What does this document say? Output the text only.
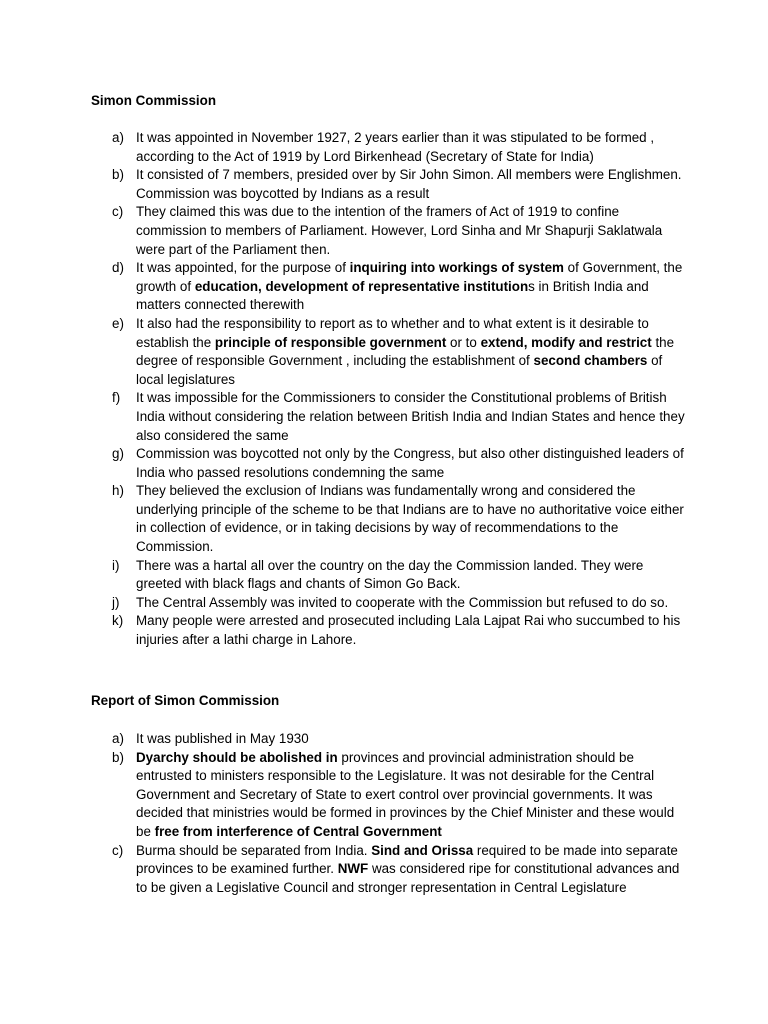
Simon Commission
a) It was appointed in November 1927, 2 years earlier than it was stipulated to be formed , according to the Act of 1919 by Lord Birkenhead (Secretary of State for India)
b) It consisted of 7 members, presided over by Sir John Simon. All members were Englishmen. Commission was boycotted by Indians as a result
c) They claimed this was due to the intention of the framers of Act of 1919 to confine commission to members of Parliament. However, Lord Sinha and Mr Shapurji Saklatwala were part of the Parliament then.
d) It was appointed, for the purpose of inquiring into workings of system of Government, the growth of education, development of representative institutions in British India and matters connected therewith
e) It also had the responsibility to report as to whether and to what extent is it desirable to establish the principle of responsible government or to extend, modify and restrict the degree of responsible Government , including the establishment of second chambers of local legislatures
f) It was impossible for the Commissioners to consider the Constitutional problems of British India without considering the relation between British India and Indian States and hence they also considered the same
g) Commission was boycotted not only by the Congress, but also other distinguished leaders of India who passed resolutions condemning the same
h) They believed the exclusion of Indians was fundamentally wrong and considered the underlying principle of the scheme to be that Indians are to have no authoritative voice either in collection of evidence, or in taking decisions by way of recommendations to the Commission.
i) There was a hartal all over the country on the day the Commission landed. They were greeted with black flags and chants of Simon Go Back.
j) The Central Assembly was invited to cooperate with the Commission but refused to do so.
k) Many people were arrested and prosecuted including Lala Lajpat Rai who succumbed to his injuries after a lathi charge in Lahore.
Report of Simon Commission
a) It was published in May 1930
b) Dyarchy should be abolished in provinces and provincial administration should be entrusted to ministers responsible to the Legislature. It was not desirable for the Central Government and Secretary of State to exert control over provincial governments. It was decided that ministries would be formed in provinces by the Chief Minister and these would be free from interference of Central Government
c) Burma should be separated from India. Sind and Orissa required to be made into separate provinces to be examined further. NWF was considered ripe for constitutional advances and to be given a Legislative Council and stronger representation in Central Legislature
